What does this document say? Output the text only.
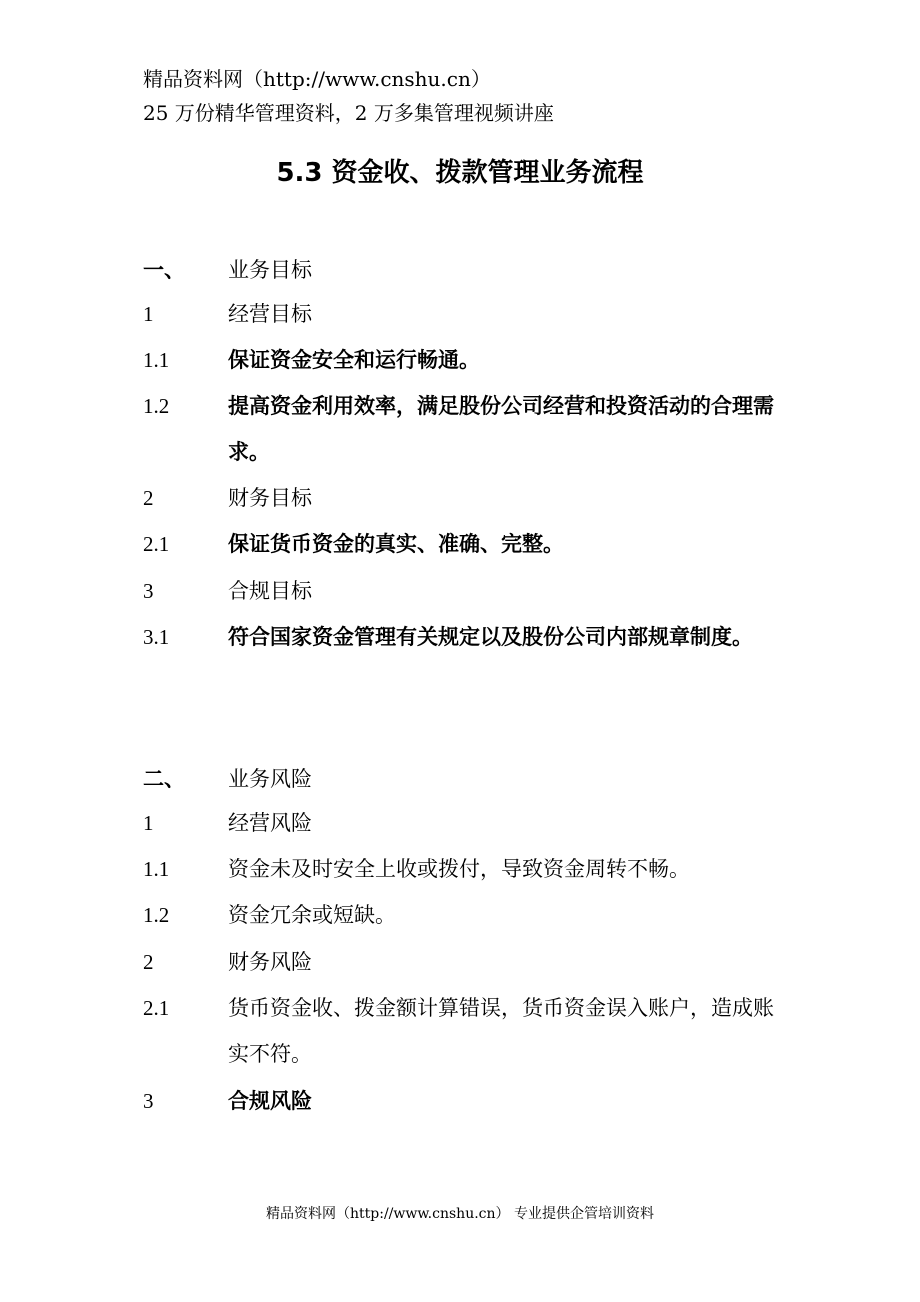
精品资料网（http://www.cnshu.cn）
25 万份精华管理资料，2 万多集管理视频讲座
5.3 资金收、拨款管理业务流程
一、 业务目标
1	经营目标
1.1	保证资金安全和运行畅通。
1.2	提高资金利用效率，满足股份公司经营和投资活动的合理需求。
2	财务目标
2.1	保证货币资金的真实、准确、完整。
3	合规目标
3.1	符合国家资金管理有关规定以及股份公司内部规章制度。
二、 业务风险
1	经营风险
1.1	资金未及时安全上收或拨付，导致资金周转不畅。
1.2	资金冗余或短缺。
2	财务风险
2.1	货币资金收、拨金额计算错误，货币资金误入账户，造成账实不符。
3	合规风险
精品资料网（http://www.cnshu.cn） 专业提供企管培训资料
